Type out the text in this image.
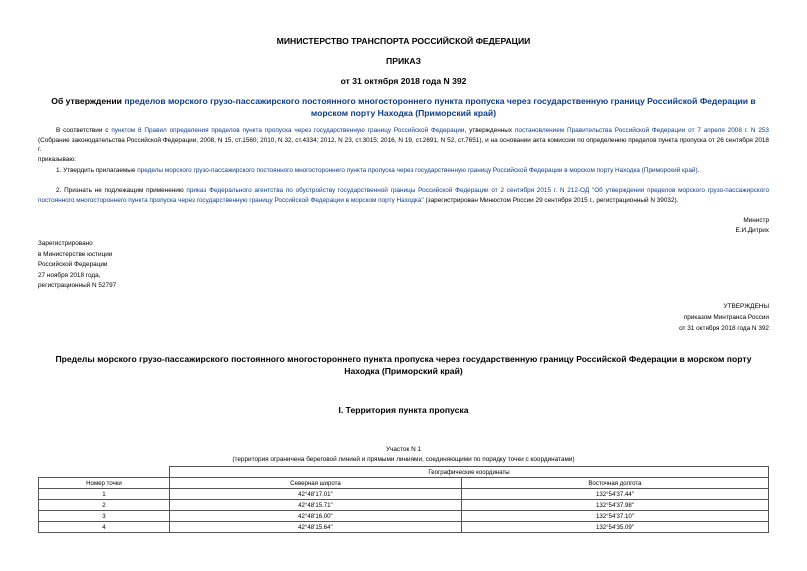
МИНИСТЕРСТВО ТРАНСПОРТА РОССИЙСКОЙ ФЕДЕРАЦИИ
ПРИКАЗ
от 31 октября 2018 года N 392
Об утверждении пределов морского грузо-пассажирского постоянного многостороннего пункта пропуска через государственную границу Российской Федерации в морском порту Находка (Приморский край)
В соответствии с пунктом 8 Правил определения пределов пункта пропуска через государственную границу Российской Федерации, утвержденных постановлением Правительства Российской Федерации от 7 апреля 2008 г. N 253 (Собрание законодательства Российской Федерации, 2008, N 15, ст.1560; 2010, N 32, ст.4334; 2012, N 23, ст.3015; 2016, N 19, ст.2691, N 52, ст.7651), и на основании акта комиссии по определению пределов пункта пропуска от 26 сентября 2018 г.
приказываю:
1. Утвердить прилагаемые пределы морского грузо-пассажирского постоянного многостороннего пункта пропуска через государственную границу Российской Федерации в морском порту Находка (Приморский край).
2. Признать не подлежащим применению приказ Федерального агентства по обустройству государственной границы Российской Федерации от 2 сентября 2015 г. N 212-ОД "Об утверждении пределов морского грузо-пассажирского постоянного многостороннего пункта пропуска через государственную границу Российской Федерации в морском порту Находка" (зарегистрирован Минюстом России 29 сентября 2015 г., регистрационный N 39032).
Министр
Е.И.Дитрих
Зарегистрировано
в Министерстве юстиции
Российской Федерации
27 ноября 2018 года,
регистрационный N 52797
УТВЕРЖДЕНЫ
приказом Минтранса России
от 31 октября 2018 года N 392
Пределы морского грузо-пассажирского постоянного многостороннего пункта пропуска через государственную границу Российской Федерации в морском порту Находка (Приморский край)
I. Территория пункта пропуска
Участок N 1
(территория ограничена береговой линией и прямыми линиями, соединяющими по порядку точки с координатами)
	Географические координаты	
Номер точки	Северная широта	Восточная долгота
1	42°48'17.01"	132°54'37.44"
2	42°48'15.71"	132°54'37.98"
3	42°48'16.00"	132°54'37.10"
4	42°48'15.64"	132°54'35.09"
